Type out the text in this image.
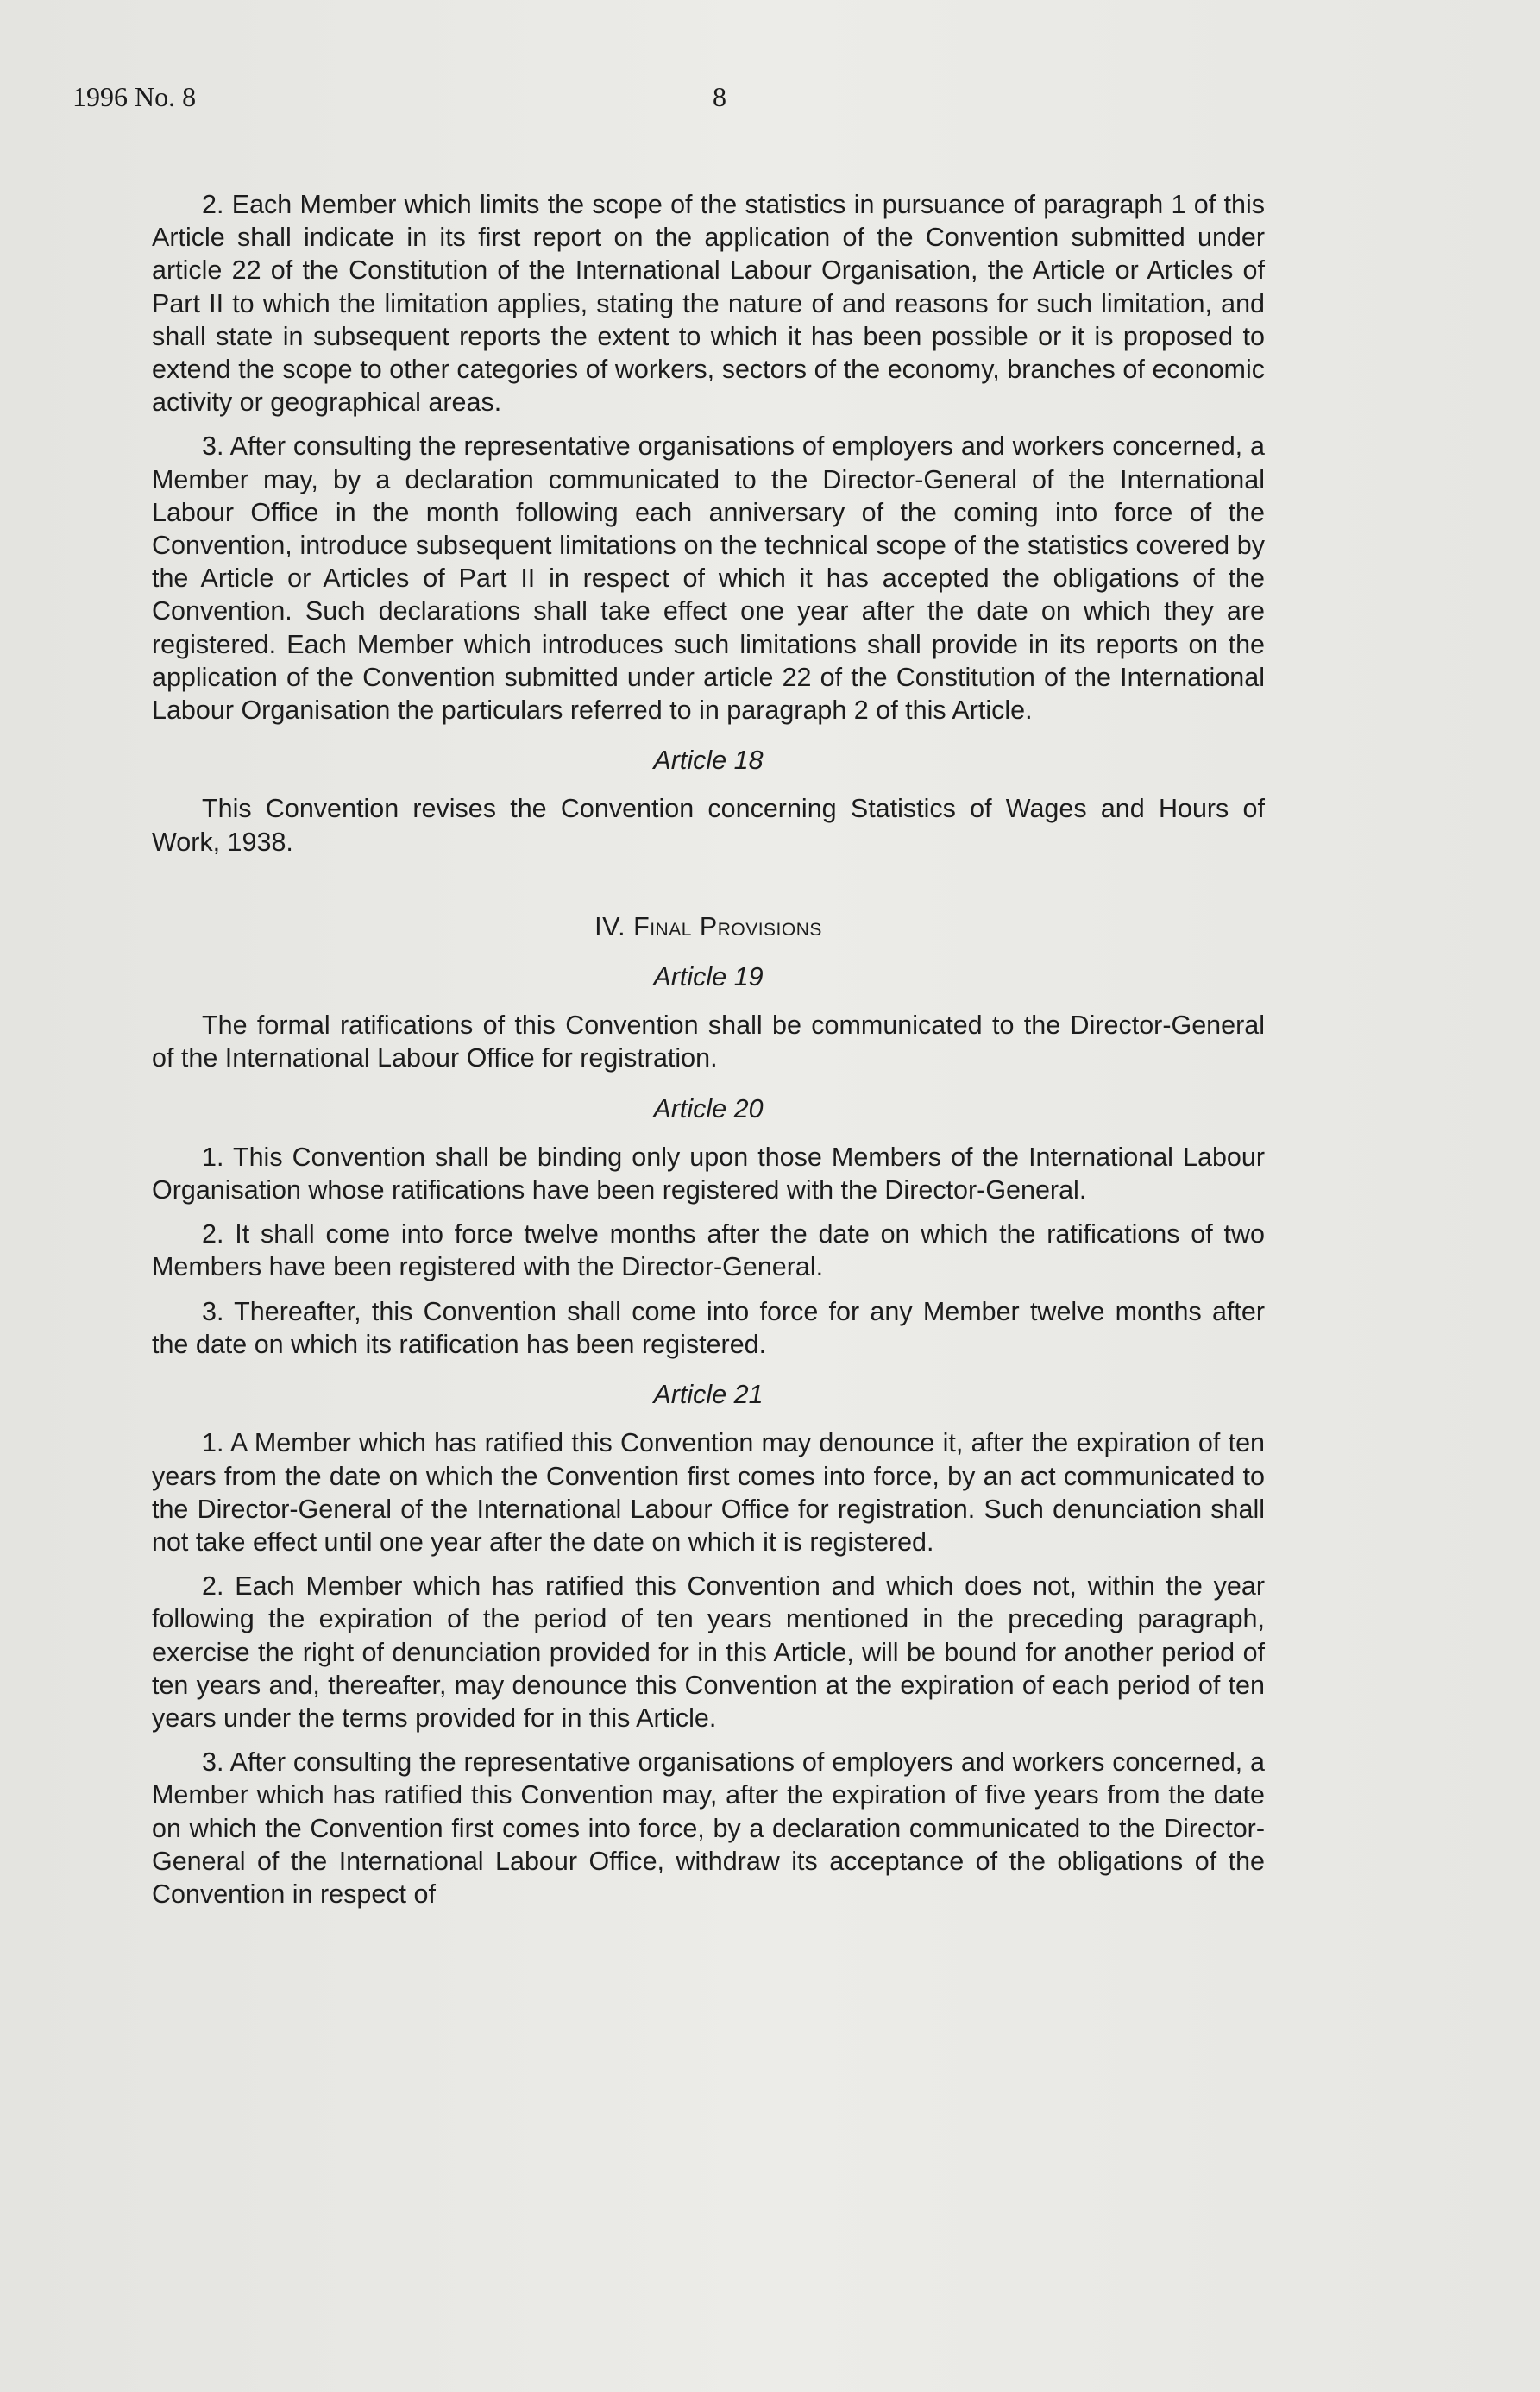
1996 No. 8	8

2. Each Member which limits the scope of the statistics in pursuance of paragraph 1 of this Article shall indicate in its first report on the application of the Convention submitted under article 22 of the Constitution of the International Labour Organisation, the Article or Articles of Part II to which the limitation applies, stating the nature of and reasons for such limitation, and shall state in subsequent reports the extent to which it has been possible or it is proposed to extend the scope to other categories of workers, sectors of the economy, branches of economic activity or geographical areas.

3. After consulting the representative organisations of employers and workers concerned, a Member may, by a declaration communicated to the Director-General of the International Labour Office in the month following each anniversary of the coming into force of the Convention, introduce subsequent limitations on the technical scope of the statistics covered by the Article or Articles of Part II in respect of which it has accepted the obligations of the Convention. Such declarations shall take effect one year after the date on which they are registered. Each Member which introduces such limitations shall provide in its reports on the application of the Convention submitted under article 22 of the Constitution of the International Labour Organisation the particulars referred to in paragraph 2 of this Article.

Article 18

This Convention revises the Convention concerning Statistics of Wages and Hours of Work, 1938.

IV. Final Provisions
Article 19

The formal ratifications of this Convention shall be communicated to the Director-General of the International Labour Office for registration.

Article 20

1. This Convention shall be binding only upon those Members of the International Labour Organisation whose ratifications have been registered with the Director-General.

2. It shall come into force twelve months after the date on which the ratifications of two Members have been registered with the Director-General.

3. Thereafter, this Convention shall come into force for any Member twelve months after the date on which its ratification has been registered.

Article 21

1. A Member which has ratified this Convention may denounce it, after the expiration of ten years from the date on which the Convention first comes into force, by an act communicated to the Director-General of the International Labour Office for registration. Such denunciation shall not take effect until one year after the date on which it is registered.

2. Each Member which has ratified this Convention and which does not, within the year following the expiration of the period of ten years mentioned in the preceding paragraph, exercise the right of denunciation provided for in this Article, will be bound for another period of ten years and, thereafter, may denounce this Convention at the expiration of each period of ten years under the terms provided for in this Article.

3. After consulting the representative organisations of employers and workers concerned, a Member which has ratified this Convention may, after the expiration of five years from the date on which the Convention first comes into force, by a declaration communicated to the Director-General of the International Labour Office, withdraw its acceptance of the obligations of the Convention in respect of
